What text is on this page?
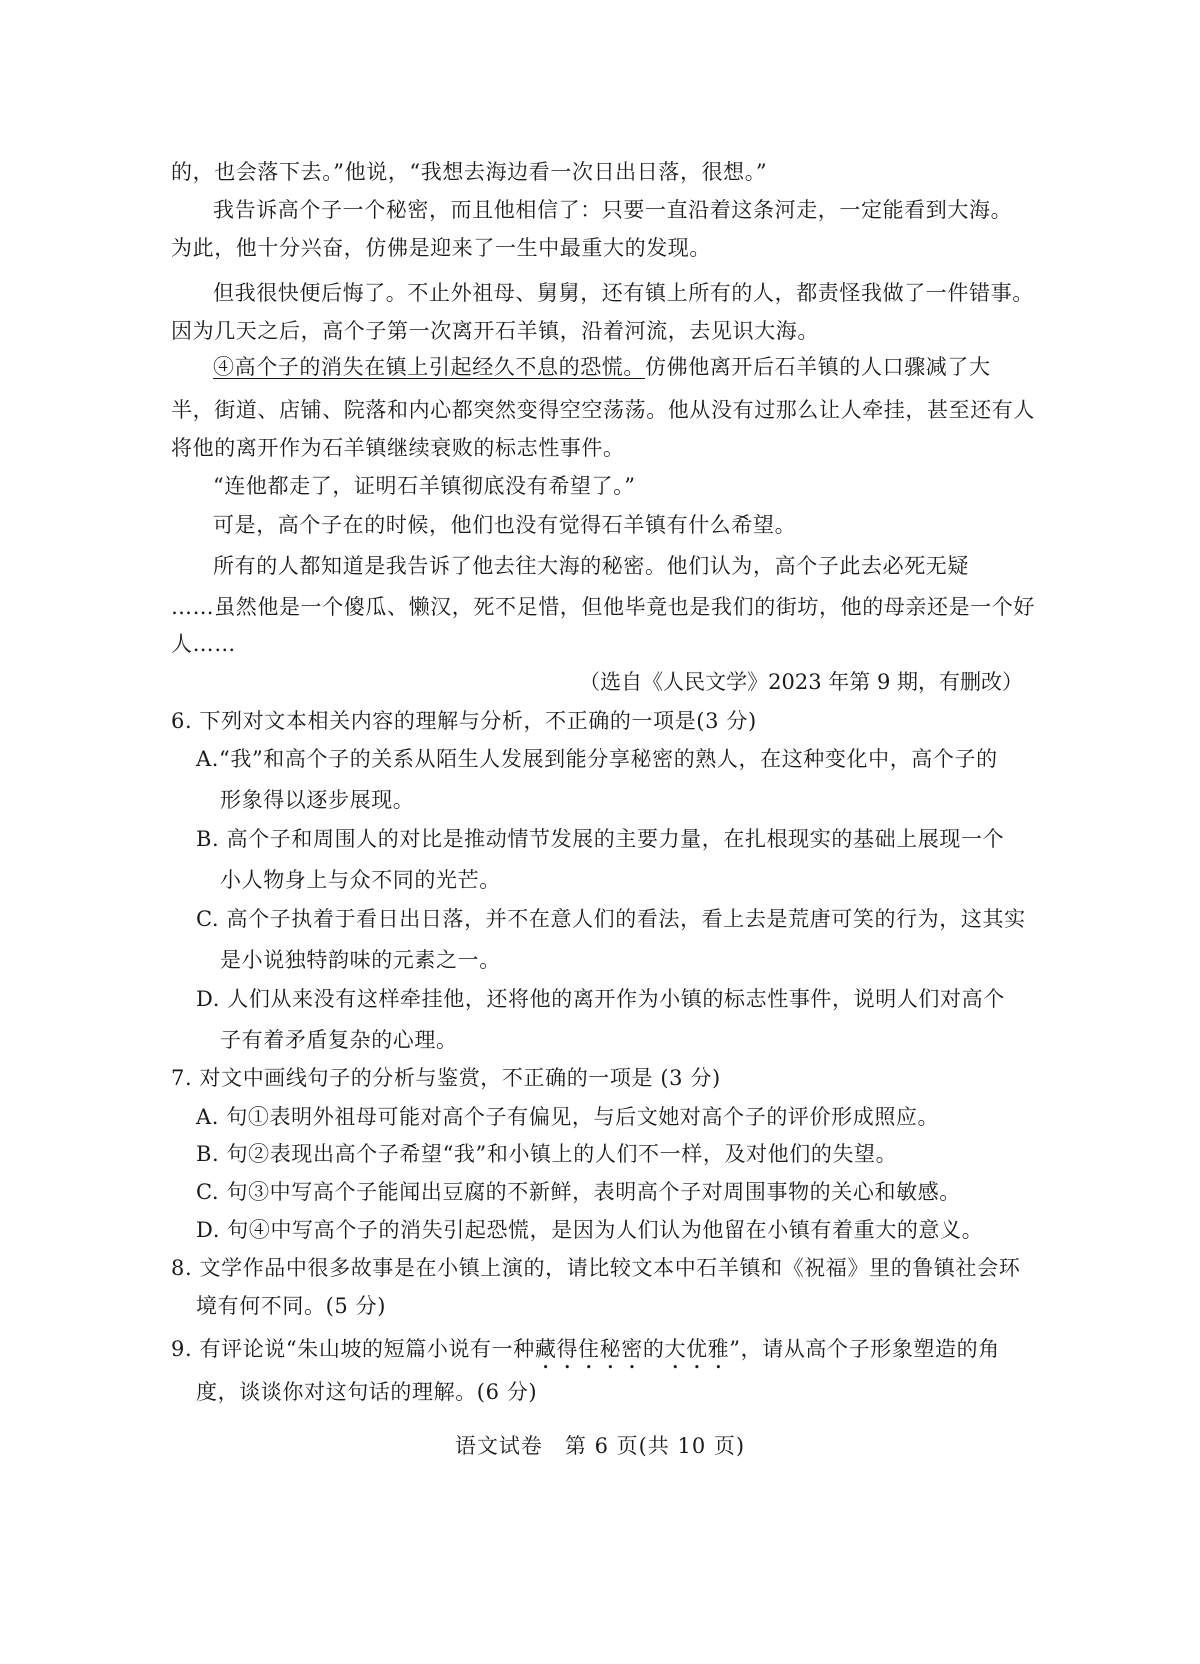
的，也会落下去。”他说，“我想去海边看一次日出日落，很想。”
我告诉高个子一个秘密，而且他相信了：只要一直沿着这条河走，一定能看到大海。
为此，他十分兴奋，仿佛是迎来了一生中最重大的发现。
但我很快便后悔了。不止外祖母、舅舅，还有镇上所有的人，都责怪我做了一件错事。
因为几天之后，高个子第一次离开石羊镇，沿着河流，去见识大海。
④高个子的消失在镇上引起经久不息的恐慌。仿佛他离开后石羊镇的人口骤减了大
半，街道、店铺、院落和内心都突然变得空空荡荡。他从没有过那么让人牵挂，甚至还有人
将他的离开作为石羊镇继续衰败的标志性事件。
“连他都走了，证明石羊镇彻底没有希望了。”
可是，高个子在的时候，他们也没有觉得石羊镇有什么希望。
所有的人都知道是我告诉了他去往大海的秘密。他们认为，高个子此去必死无疑
……虽然他是一个傻瓜、懒汉，死不足惜，但他毕竟也是我们的街坊，他的母亲还是一个好
人……
（选自《人民文学》2023 年第 9 期，有删改）
6. 下列对文本相关内容的理解与分析，不正确的一项是(3 分)
A.“我”和高个子的关系从陌生人发展到能分享秘密的熟人，在这种变化中，高个子的
形象得以逐步展现。
B. 高个子和周围人的对比是推动情节发展的主要力量，在扎根现实的基础上展现一个
小人物身上与众不同的光芒。
C. 高个子执着于看日出日落，并不在意人们的看法，看上去是荒唐可笑的行为，这其实
是小说独特韵味的元素之一。
D. 人们从来没有这样牵挂他，还将他的离开作为小镇的标志性事件，说明人们对高个
子有着矛盾复杂的心理。
7. 对文中画线句子的分析与鉴赏，不正确的一项是 (3 分)
A. 句①表明外祖母可能对高个子有偏见，与后文她对高个子的评价形成照应。
B. 句②表现出高个子希望“我”和小镇上的人们不一样，及对他们的失望。
C. 句③中写高个子能闻出豆腐的不新鲜，表明高个子对周围事物的关心和敏感。
D. 句④中写高个子的消失引起恐慌，是因为人们认为他留在小镇有着重大的意义。
8. 文学作品中很多故事是在小镇上演的，请比较文本中石羊镇和《祝福》里的鲁镇社会环
境有何不同。(5 分)
9. 有评论说“朱山坡的短篇小说有一种藏得住秘密的大优雅”，请从高个子形象塑造的角
度，谈谈你对这句话的理解。(6 分)
语文试卷　第 6 页(共 10 页)
